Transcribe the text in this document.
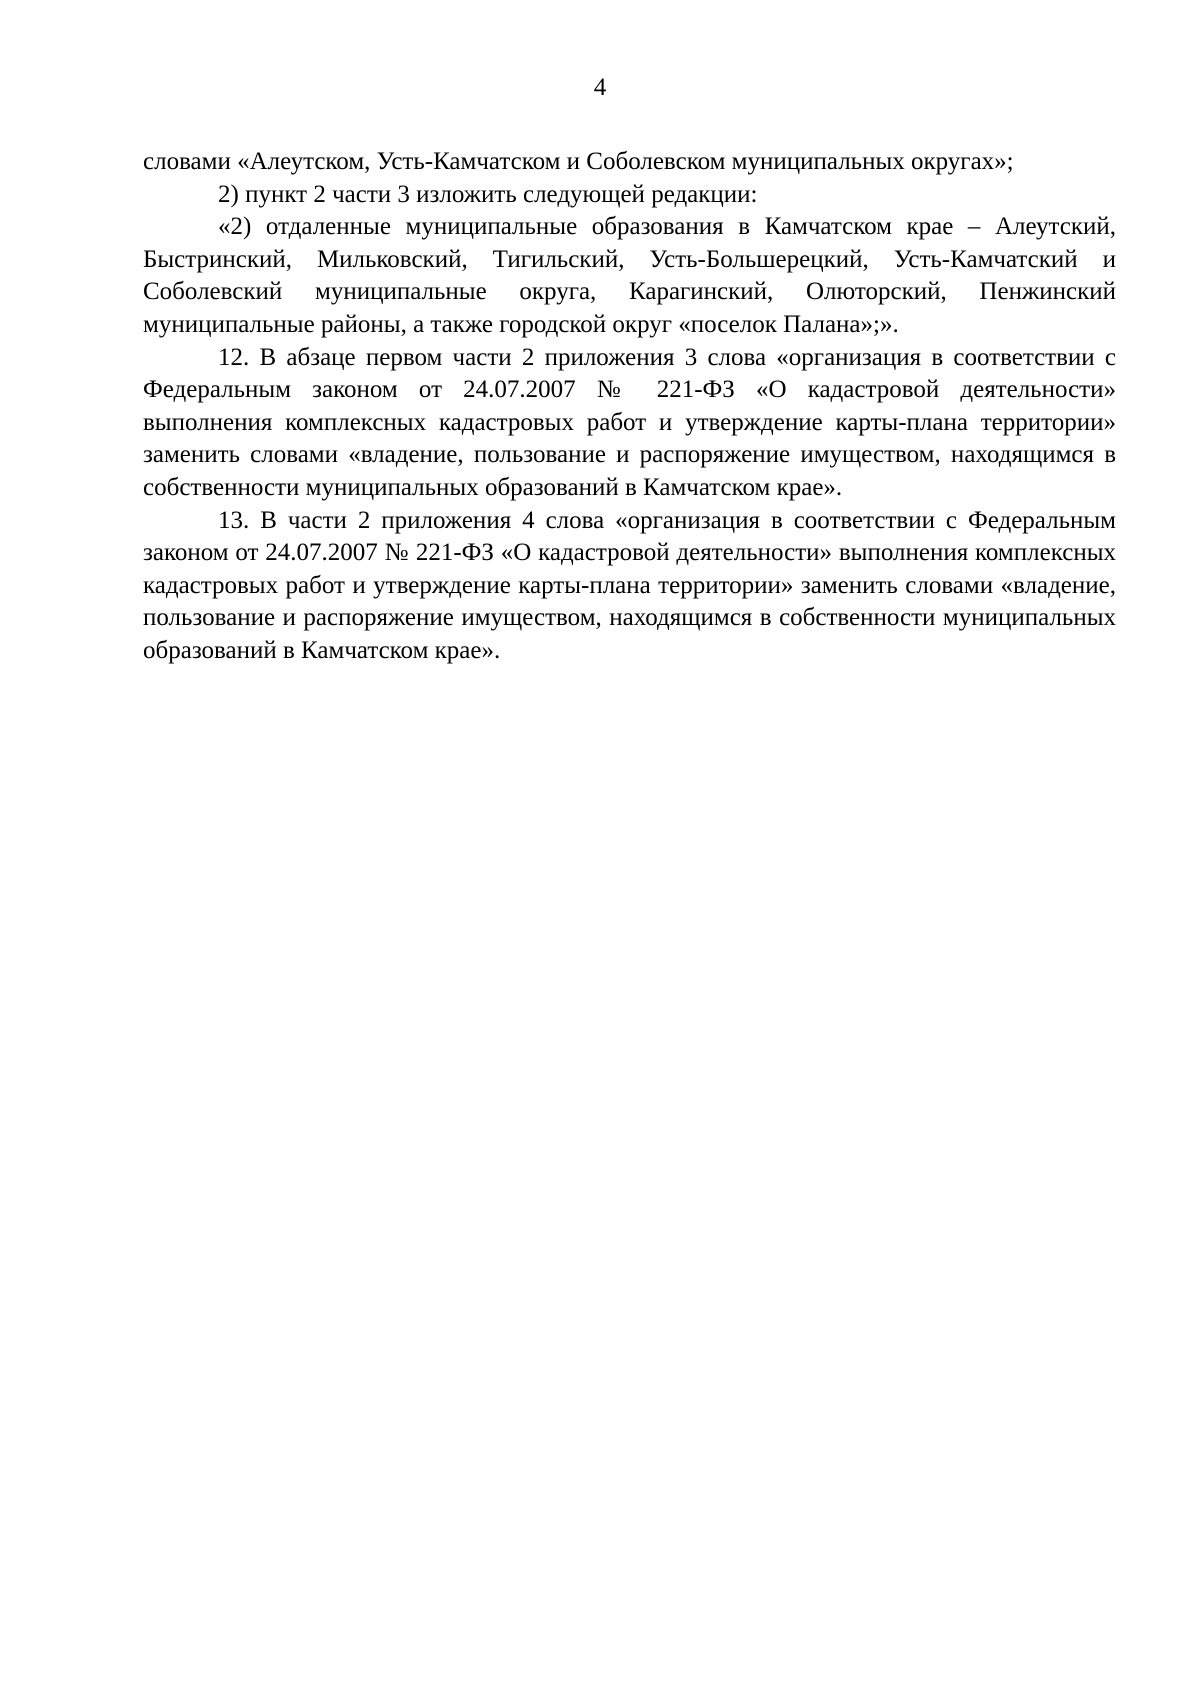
4

словами «Алеутском, Усть-Камчатском и Соболевском муниципальных округах»;

2) пункт 2 части 3 изложить следующей редакции:

«2) отдаленные муниципальные образования в Камчатском крае – Алеутский, Быстринский, Мильковский, Тигильский, Усть-Большерецкий, Усть-Камчатский и Соболевский муниципальные округа, Карагинский, Олюторский, Пенжинский муниципальные районы, а также городской округ «поселок Палана»;».

12. В абзаце первом части 2 приложения 3 слова «организация в соответствии с Федеральным законом от 24.07.2007 № 221-ФЗ «О кадастровой деятельности» выполнения комплексных кадастровых работ и утверждение карты-плана территории» заменить словами «владение, пользование и распоряжение имуществом, находящимся в собственности муниципальных образований в Камчатском крае».

13. В части 2 приложения 4 слова «организация в соответствии с Федеральным законом от 24.07.2007 № 221-ФЗ «О кадастровой деятельности» выполнения комплексных кадастровых работ и утверждение карты-плана территории» заменить словами «владение, пользование и распоряжение имуществом, находящимся в собственности муниципальных образований в Камчатском крае».
